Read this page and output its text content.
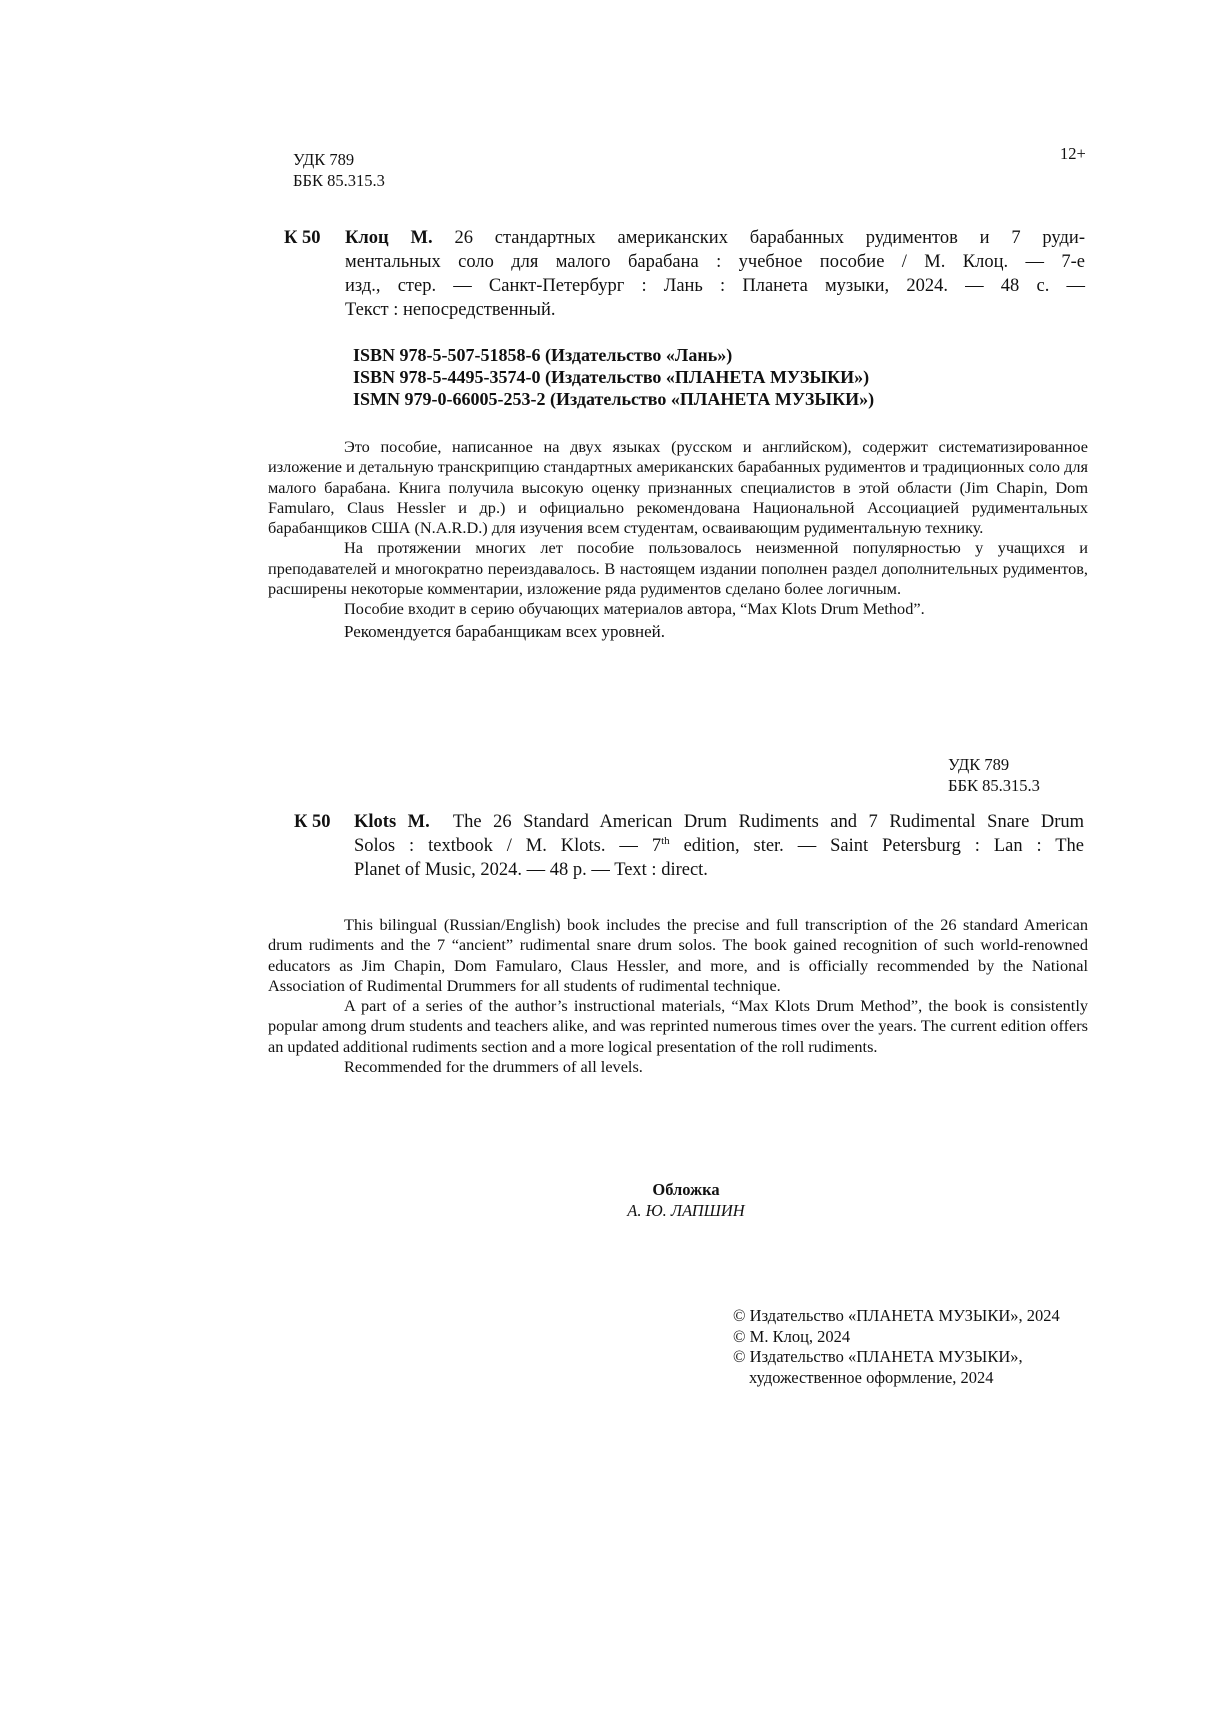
УДК 789
ББК 85.315.3
12+
К 50 Клоц М. 26 стандартных американских барабанных рудиментов и 7 руди-
ментальных соло для малого барабана : учебное пособие / М. Клоц. — 7-е
изд., стер. — Санкт-Петербург : Лань : Планета музыки, 2024. — 48 с. —
Текст : непосредственный.
ISBN 978-5-507-51858-6 (Издательство «Лань»)
ISBN 978-5-4495-3574-0 (Издательство «ПЛАНЕТА МУЗЫКИ»)
ISMN 979-0-66005-253-2 (Издательство «ПЛАНЕТА МУЗЫКИ»)

Это пособие, написанное на двух языках (русском и английском), содержит систематизированное изложение и детальную транскрипцию стандартных американских барабанных рудиментов и традиционных соло для малого барабана. Книга получила высокую оценку признанных специалистов в этой области (Jim Chapin, Dom Famularo, Claus Hessler и др.) и официально рекомендована Национальной Ассоциацией рудиментальных барабанщиков США (N.A.R.D.) для изучения всем студентам, осваивающим рудиментальную технику.

На протяжении многих лет пособие пользовалось неизменной популярностью у учащихся и преподавателей и многократно переиздавалось. В настоящем издании пополнен раздел дополнительных рудиментов, расширены некоторые комментарии, изложение ряда рудиментов сделано более логичным.

Пособие входит в серию обучающих материалов автора, “Max Klots Drum Method”.

Рекомендуется барабанщикам всех уровней.

УДК 789
ББК 85.315.3
К 50 Klots M. The 26 Standard American Drum Rudiments and 7 Rudimental Snare Drum
Solos : textbook / M. Klots. — 7th edition, ster. — Saint Petersburg : Lan : The
Planet of Music, 2024. — 48 p. — Text : direct.

This bilingual (Russian/English) book includes the precise and full transcription of the 26 standard American drum rudiments and the 7 “ancient” rudimental snare drum solos. The book gained recognition of such world-renowned educators as Jim Chapin, Dom Famularo, Claus Hessler, and more, and is officially recommended by the National Association of Rudimental Drummers for all students of rudimental technique.

A part of a series of the author’s instructional materials, “Max Klots Drum Method”, the book is consistently popular among drum students and teachers alike, and was reprinted numerous times over the years. The current edition offers an updated additional rudiments section and a more logical presentation of the roll rudiments.

Recommended for the drummers of all levels.

Обложка
А. Ю. ЛАПШИН
© Издательство «ПЛАНЕТА МУЗЫКИ», 2024
© М. Клоц, 2024
© Издательство «ПЛАНЕТА МУЗЫКИ»,
художественное оформление, 2024
